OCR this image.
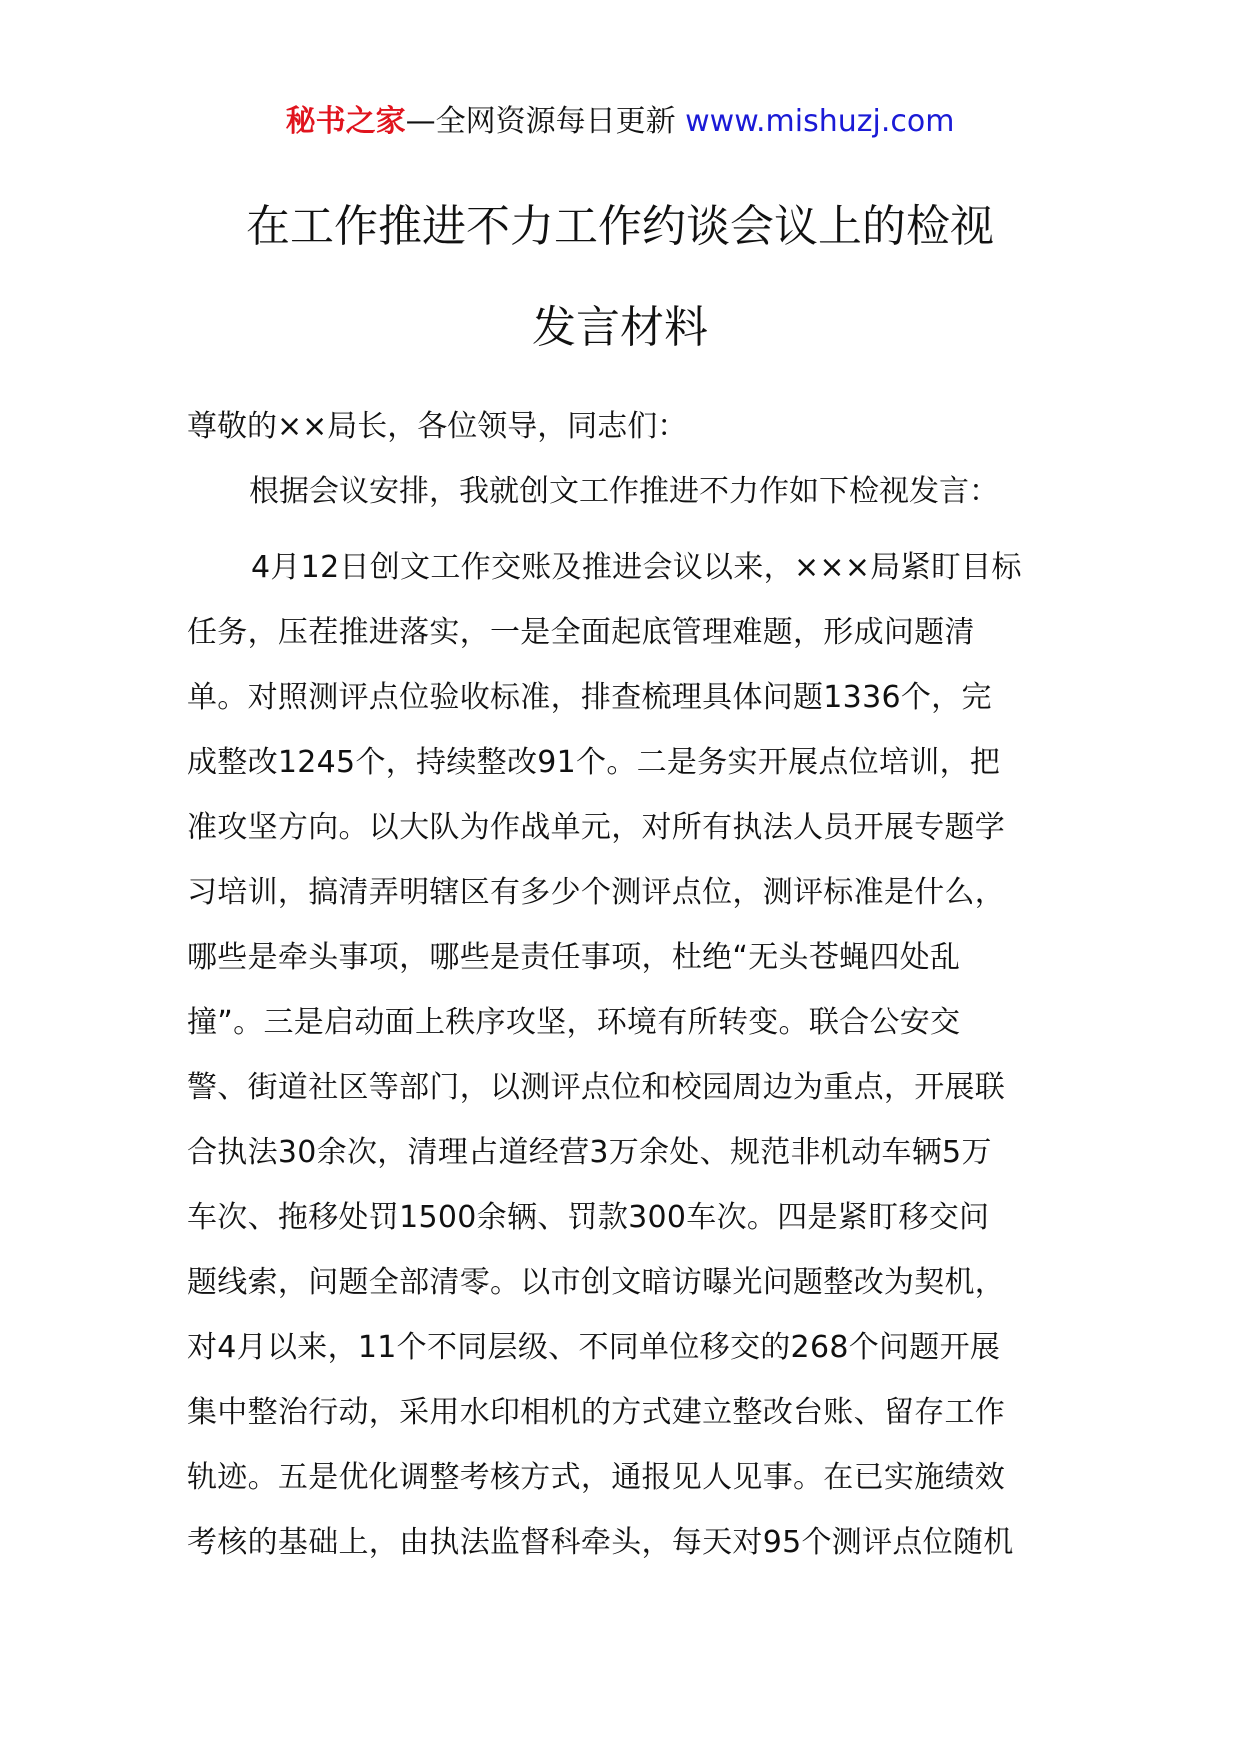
秘书之家—全网资源每日更新 www.mishuzj.com
在工作推进不力工作约谈会议上的检视
发言材料
尊敬的××局长，各位领导，同志们：
根据会议安排，我就创文工作推进不力作如下检视发言：
4月12日创文工作交账及推进会议以来，×××局紧盯目标
任务，压茬推进落实，一是全面起底管理难题，形成问题清
单。对照测评点位验收标准，排查梳理具体问题1336个，完
成整改1245个，持续整改91个。二是务实开展点位培训，把
准攻坚方向。以大队为作战单元，对所有执法人员开展专题学
习培训，搞清弄明辖区有多少个测评点位，测评标准是什么，
哪些是牵头事项，哪些是责任事项，杜绝“无头苍蝇四处乱
撞”。三是启动面上秩序攻坚，环境有所转变。联合公安交
警、街道社区等部门，以测评点位和校园周边为重点，开展联
合执法30余次，清理占道经营3万余处、规范非机动车辆5万
车次、拖移处罚1500余辆、罚款300车次。四是紧盯移交问
题线索，问题全部清零。以市创文暗访曝光问题整改为契机，
对4月以来，11个不同层级、不同单位移交的268个问题开展
集中整治行动，采用水印相机的方式建立整改台账、留存工作
轨迹。五是优化调整考核方式，通报见人见事。在已实施绩效
考核的基础上，由执法监督科牵头，每天对95个测评点位随机
